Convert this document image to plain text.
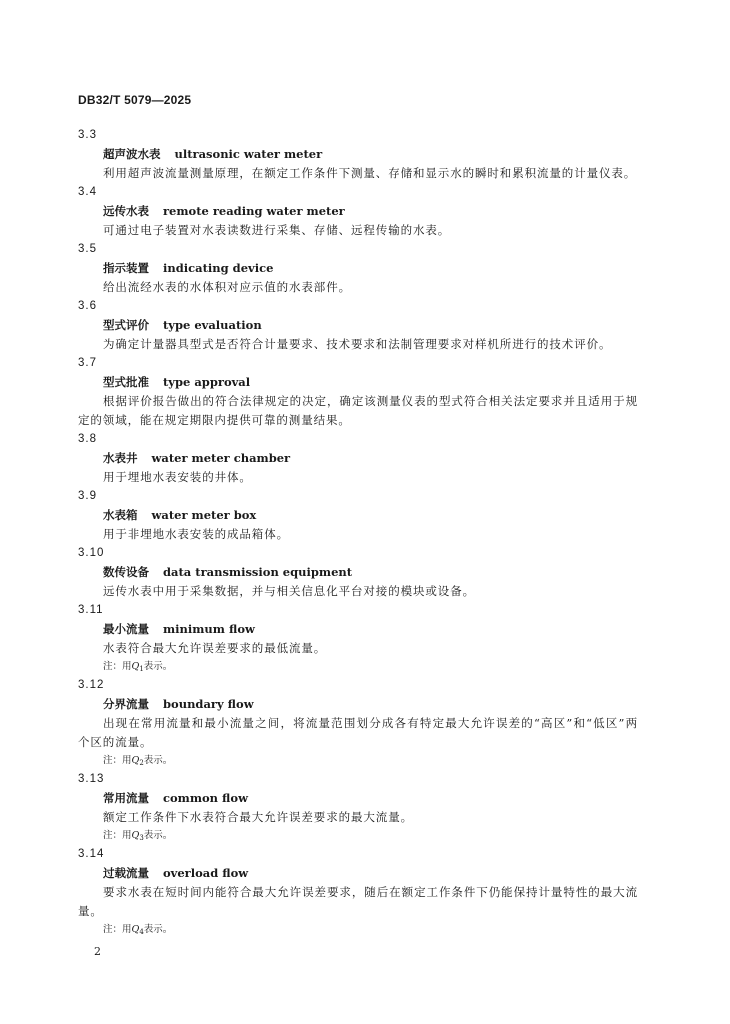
DB32/T 5079—2025
3.3
超声波水表 ultrasonic water meter
利用超声波流量测量原理，在额定工作条件下测量、存储和显示水的瞬时和累积流量的计量仪表。
3.4
远传水表 remote reading water meter
可通过电子装置对水表读数进行采集、存储、远程传输的水表。
3.5
指示装置 indicating device
给出流经水表的水体积对应示值的水表部件。
3.6
型式评价 type evaluation
为确定计量器具型式是否符合计量要求、技术要求和法制管理要求对样机所进行的技术评价。
3.7
型式批准 type approval
根据评价报告做出的符合法律规定的决定，确定该测量仪表的型式符合相关法定要求并且适用于规定的领域，能在规定期限内提供可靠的测量结果。
3.8
水表井 water meter chamber
用于埋地水表安装的井体。
3.9
水表箱 water meter box
用于非埋地水表安装的成品箱体。
3.10
数传设备 data transmission equipment
远传水表中用于采集数据，并与相关信息化平台对接的模块或设备。
3.11
最小流量 minimum flow
水表符合最大允许误差要求的最低流量。
注：用$Q_1$表示。
3.12
分界流量 boundary flow
出现在常用流量和最小流量之间，将流量范围划分成各有特定最大允许误差的“高区”和“低区”两个区的流量。
注：用$Q_2$表示。
3.13
常用流量 common flow
额定工作条件下水表符合最大允许误差要求的最大流量。
注：用$Q_3$表示。
3.14
过载流量 overload flow
要求水表在短时间内能符合最大允许误差要求，随后在额定工作条件下仍能保持计量特性的最大流量。
注：用$Q_4$表示。
2
